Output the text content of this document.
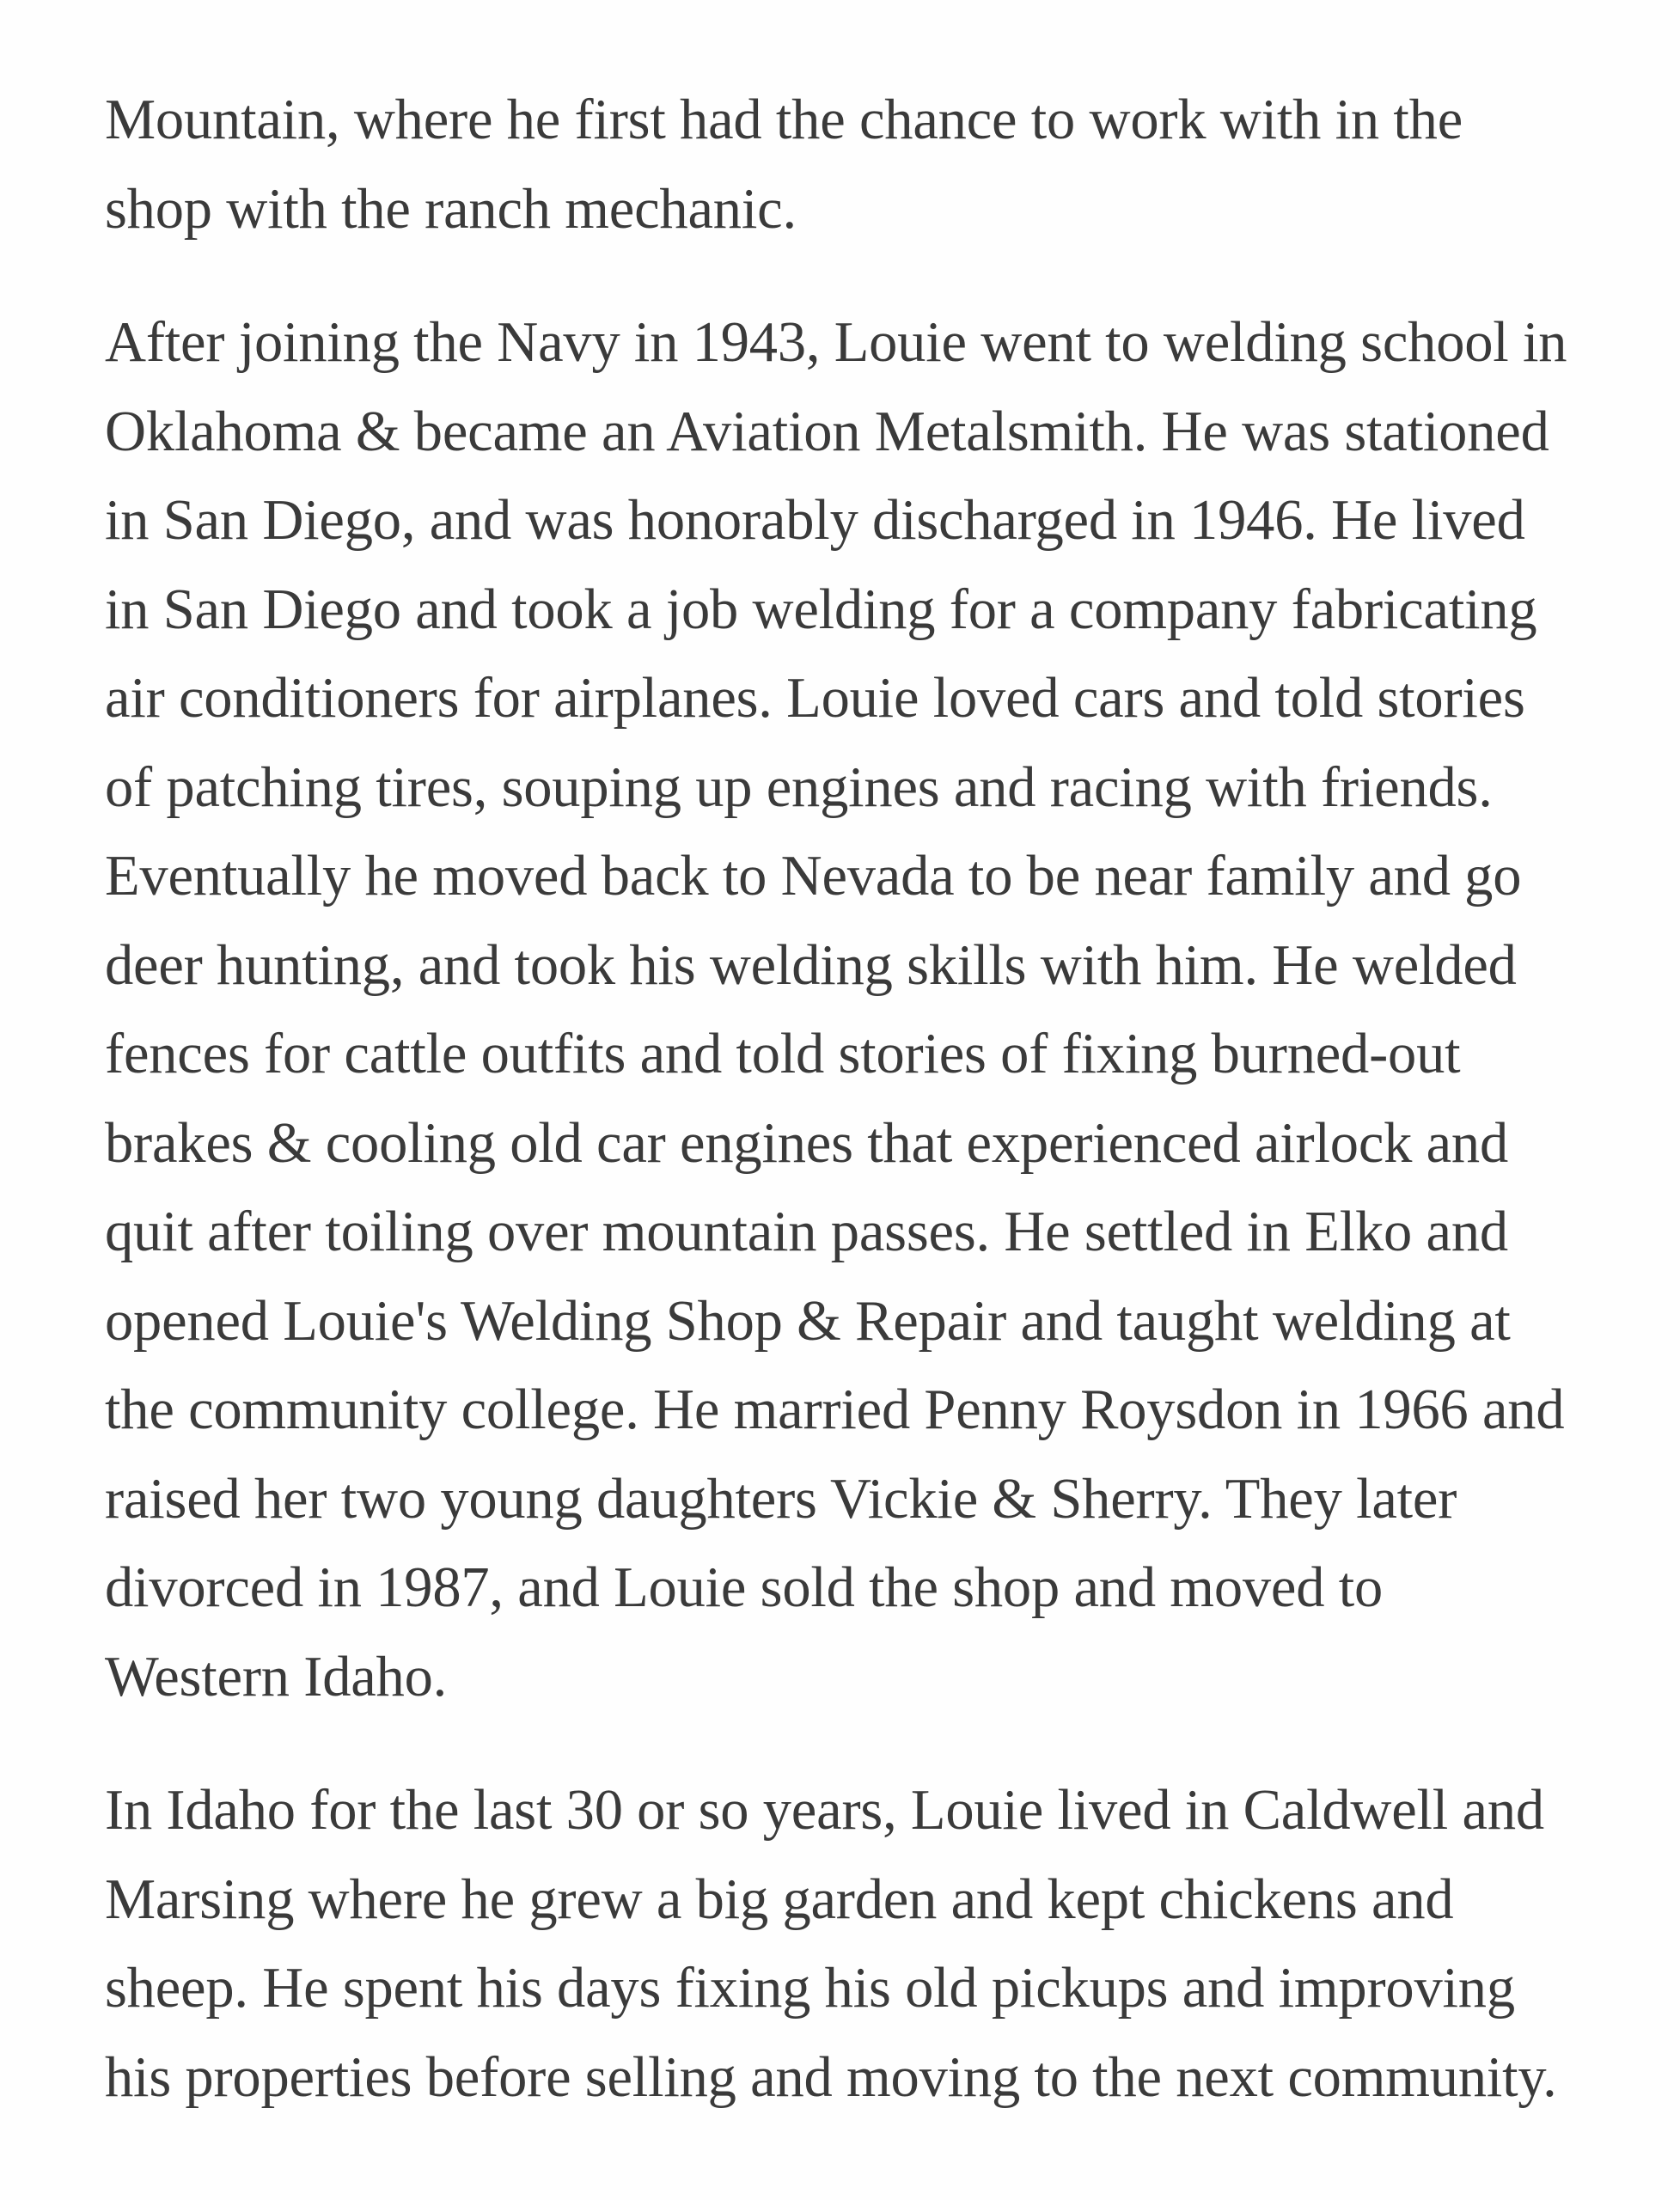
Mountain, where he first had the chance to work with in the
shop with the ranch mechanic.

After joining the Navy in 1943, Louie went to welding school in
Oklahoma & became an Aviation Metalsmith. He was stationed
in San Diego, and was honorably discharged in 1946. He lived
in San Diego and took a job welding for a company fabricating
air conditioners for airplanes. Louie loved cars and told stories
of patching tires, souping up engines and racing with friends.
Eventually he moved back to Nevada to be near family and go
deer hunting, and took his welding skills with him. He welded
fences for cattle outfits and told stories of fixing burned-out
brakes & cooling old car engines that experienced airlock and
quit after toiling over mountain passes. He settled in Elko and
opened Louie's Welding Shop & Repair and taught welding at
the community college. He married Penny Roysdon in 1966 and
raised her two young daughters Vickie & Sherry. They later
divorced in 1987, and Louie sold the shop and moved to
Western Idaho.

In Idaho for the last 30 or so years, Louie lived in Caldwell and
Marsing where he grew a big garden and kept chickens and
sheep. He spent his days fixing his old pickups and improving
his properties before selling and moving to the next community.
